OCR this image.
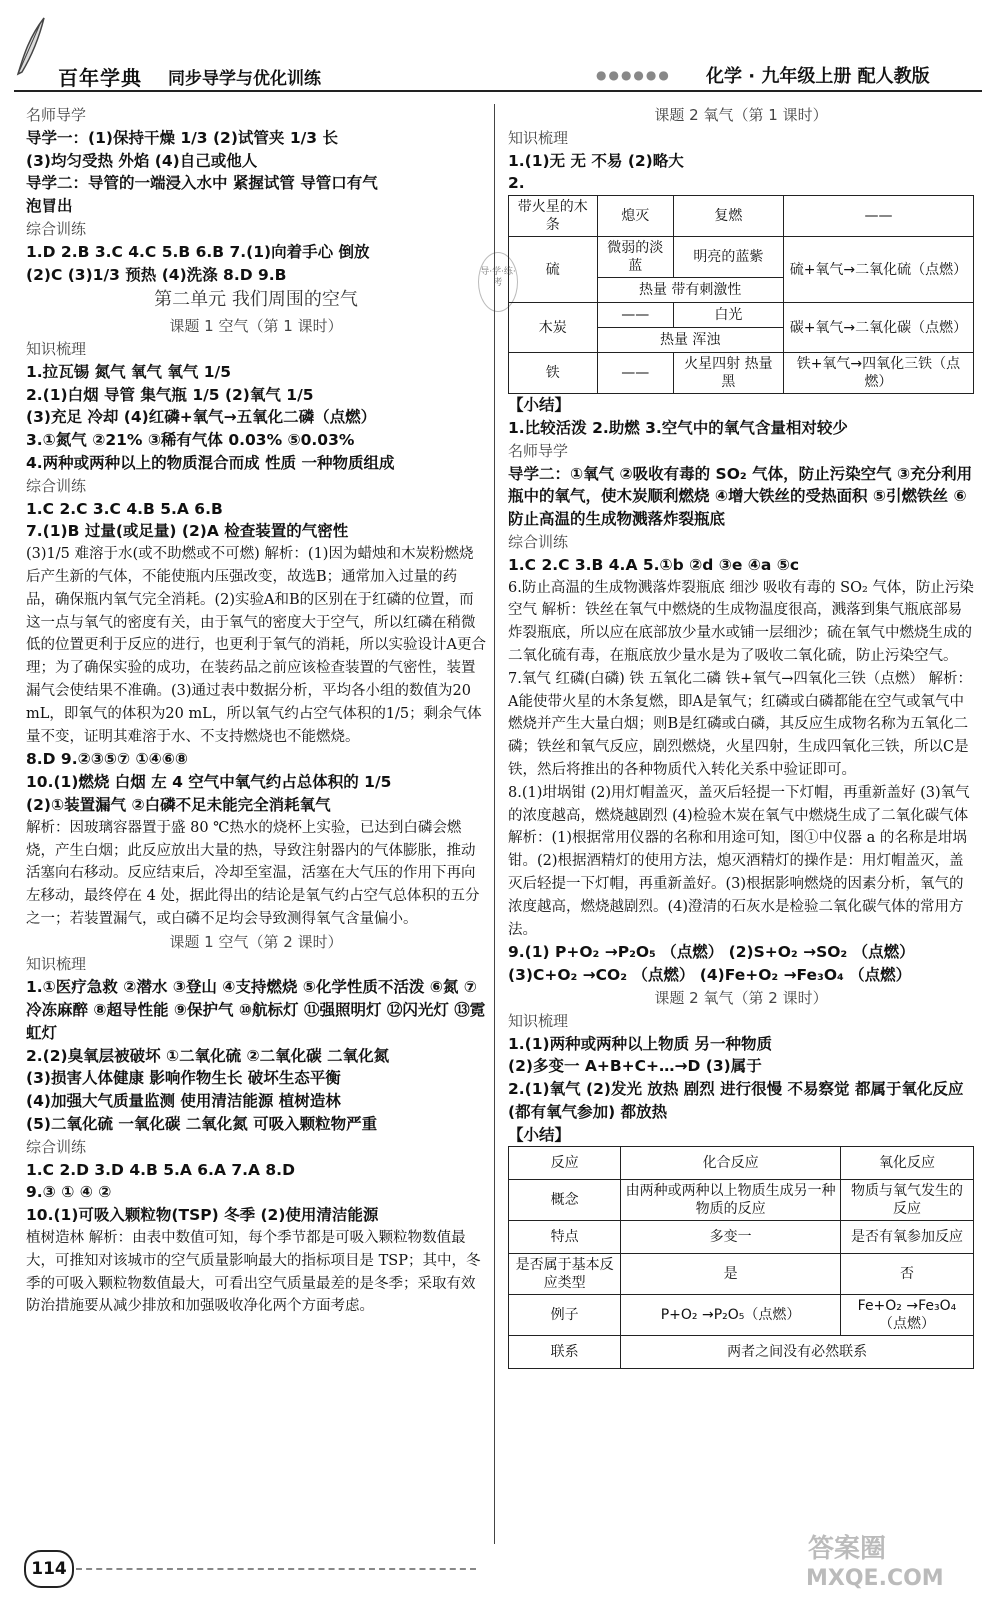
百年学典 同步导学与优化训练	●●●●●● 化学 · 九年级上册 配人教版
导·学·练·考
名师导学

导学一：(1)保持干燥 1/3 (2)试管夹 1/3 长

(3)均匀受热 外焰 (4)自己或他人

导学二：导管的一端浸入水中 紧握试管 导管口有气

泡冒出

综合训练

1.D 2.B 3.C 4.C 5.B 6.B 7.(1)向着手心 倒放

(2)C (3)1/3 预热 (4)洗涤 8.D 9.B

第二单元 我们周围的空气
课题 1 空气（第 1 课时）
知识梳理

1.拉瓦锡 氮气 氧气 氧气 1/5

2.(1)白烟 导管 集气瓶 1/5 (2)氧气 1/5

(3)充足 冷却 (4)红磷+氧气→五氧化二磷（点燃）

3.①氮气 ②21% ③稀有气体 0.03% ⑤0.03%

4.两种或两种以上的物质混合而成 性质 一种物质组成

综合训练

1.C 2.C 3.C 4.B 5.A 6.B

7.(1)B 过量(或足量) (2)A 检查装置的气密性

(3)1/5 难溶于水(或不助燃或不可燃) 解析：(1)因为蜡烛和木炭粉燃烧后产生新的气体，不能使瓶内压强改变，故选B；通常加入过量的药品，确保瓶内氧气完全消耗。(2)实验A和B的区别在于红磷的位置，而这一点与氧气的密度有关，由于氧气的密度大于空气，所以红磷在稍微低的位置更利于反应的进行，也更利于氧气的消耗，所以实验设计A更合理；为了确保实验的成功，在装药品之前应该检查装置的气密性，装置漏气会使结果不准确。(3)通过表中数据分析，平均各小组的数值为20 mL，即氧气的体积为20 mL，所以氧气约占空气体积的1/5；剩余气体量不变，证明其难溶于水、不支持燃烧也不能燃烧。

8.D 9.②③⑤⑦ ①④⑥⑧

10.(1)燃烧 白烟 左 4 空气中氧气约占总体积的 1/5

(2)①装置漏气 ②白磷不足未能完全消耗氧气

解析：因玻璃容器置于盛 80 ℃热水的烧杯上实验，已达到白磷会燃烧，产生白烟；此反应放出大量的热，导致注射器内的气体膨胀，推动活塞向右移动。反应结束后，冷却至室温，活塞在大气压的作用下再向左移动，最终停在 4 处，据此得出的结论是氧气约占空气总体积的五分之一；若装置漏气，或白磷不足均会导致测得氧气含量偏小。

课题 1 空气（第 2 课时）
知识梳理

1.①医疗急救 ②潜水 ③登山 ④支持燃烧 ⑤化学性质不活泼 ⑥氮 ⑦冷冻麻醉 ⑧超导性能 ⑨保护气 ⑩航标灯 ⑪强照明灯 ⑫闪光灯 ⑬霓虹灯

2.(2)臭氧层被破坏 ①二氧化硫 ②二氧化碳 二氧化氮

(3)损害人体健康 影响作物生长 破坏生态平衡

(4)加强大气质量监测 使用清洁能源 植树造林

(5)二氧化硫 一氧化碳 二氧化氮 可吸入颗粒物严重

综合训练

1.C 2.D 3.D 4.B 5.A 6.A 7.A 8.D

9.③ ① ④ ②

10.(1)可吸入颗粒物(TSP) 冬季 (2)使用清洁能源

植树造林 解析：由表中数值可知，每个季节都是可吸入颗粒物数值最大，可推知对该城市的空气质量影响最大的指标项目是 TSP；其中，冬季的可吸入颗粒物数值最大，可看出空气质量最差的是冬季；采取有效防治措施要从减少排放和加强吸收净化两个方面考虑。

课题 2 氧气（第 1 课时）
知识梳理

1.(1)无 无 不易 (2)略大

2.

带火星的木条	熄灭	复燃	——
硫	微弱的淡蓝	明亮的蓝紫	硫+氧气→二氧化硫（点燃）
	热量 带有刺激性		
木炭	——	白光	碳+氧气→二氧化碳（点燃）
	热量 浑浊		
铁	——	火星四射 热量 黑	铁+氧气→四氧化三铁（点燃）
【小结】

1.比较活泼 2.助燃 3.空气中的氧气含量相对较少

名师导学

导学二：①氧气 ②吸收有毒的 SO₂ 气体，防止污染空气 ③充分利用瓶中的氧气，使木炭顺利燃烧 ④增大铁丝的受热面积 ⑤引燃铁丝 ⑥防止高温的生成物溅落炸裂瓶底

综合训练

1.C 2.C 3.B 4.A 5.①b ②d ③e ④a ⑤c

6.防止高温的生成物溅落炸裂瓶底 细沙 吸收有毒的 SO₂ 气体，防止污染空气 解析：铁丝在氧气中燃烧的生成物温度很高，溅落到集气瓶底部易炸裂瓶底，所以应在底部放少量水或铺一层细沙；硫在氧气中燃烧生成的二氧化硫有毒，在瓶底放少量水是为了吸收二氧化硫，防止污染空气。

7.氧气 红磷(白磷) 铁 五氧化二磷 铁+氧气→四氧化三铁（点燃） 解析：A能使带火星的木条复燃，即A是氧气；红磷或白磷都能在空气或氧气中燃烧并产生大量白烟；则B是红磷或白磷，其反应生成物名称为五氧化二磷；铁丝和氧气反应，剧烈燃烧，火星四射，生成四氧化三铁，所以C是铁，然后将推出的各种物质代入转化关系中验证即可。

8.(1)坩埚钳 (2)用灯帽盖灭，盖灭后轻提一下灯帽，再重新盖好 (3)氧气的浓度越高，燃烧越剧烈 (4)检验木炭在氧气中燃烧生成了二氧化碳气体 解析：(1)根据常用仪器的名称和用途可知，图①中仪器 a 的名称是坩埚钳。(2)根据酒精灯的使用方法，熄灭酒精灯的操作是：用灯帽盖灭，盖灭后轻提一下灯帽，再重新盖好。(3)根据影响燃烧的因素分析，氧气的浓度越高，燃烧越剧烈。(4)澄清的石灰水是检验二氧化碳气体的常用方法。

9.(1) P+O₂ →P₂O₅ （点燃） (2)S+O₂ →SO₂ （点燃）

(3)C+O₂ →CO₂ （点燃） (4)Fe+O₂ →Fe₃O₄ （点燃）

课题 2 氧气（第 2 课时）
知识梳理

1.(1)两种或两种以上物质 另一种物质

(2)多变一 A+B+C+…→D (3)属于

2.(1)氧气 (2)发光 放热 剧烈 进行很慢 不易察觉 都属于氧化反应(都有氧气参加) 都放热

【小结】
反应	化合反应	氧化反应
概念	由两种或两种以上物质生成另一种物质的反应	物质与氧气发生的反应
特点	多变一	是否有氧参加反应
是否属于基本反应类型	是	否
例子	P+O₂ →P₂O₅（点燃）	Fe+O₂ →Fe₃O₄（点燃）
联系	两者之间没有必然联系	
114
答案圈
MXQE.COM
